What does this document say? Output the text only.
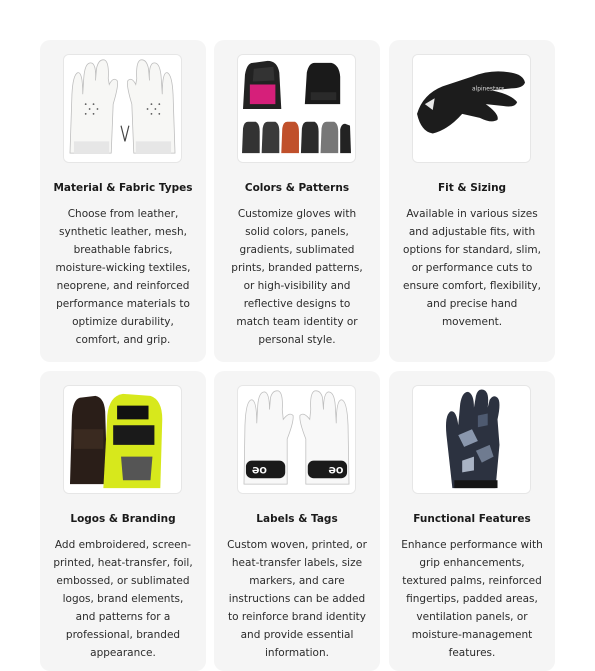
Material & Fabric Types
Choose from leather, synthetic leather, mesh, breathable fabrics, moisture-wicking textiles, neoprene, and reinforced performance materials to optimize durability, comfort, and grip.
Colors & Patterns
Customize gloves with solid colors, panels, gradients, sublimated prints, branded patterns, or high-visibility and reflective designs to match team identity or personal style.
alpinestars
Fit & Sizing
Available in various sizes and adjustable fits, with options for standard, slim, or performance cuts to ensure comfort, flexibility, and precise hand movement.
Logos & Branding
Add embroidered, screen-printed, heat-transfer, foil, embossed, or sublimated logos, brand elements, and patterns for a professional, branded appearance.
ƏO	ƏO
Labels & Tags
Custom woven, printed, or heat-transfer labels, size markers, and care instructions can be added to reinforce brand identity and provide essential information.
Functional Features
Enhance performance with grip enhancements, textured palms, reinforced fingertips, padded areas, ventilation panels, or moisture-management features.
